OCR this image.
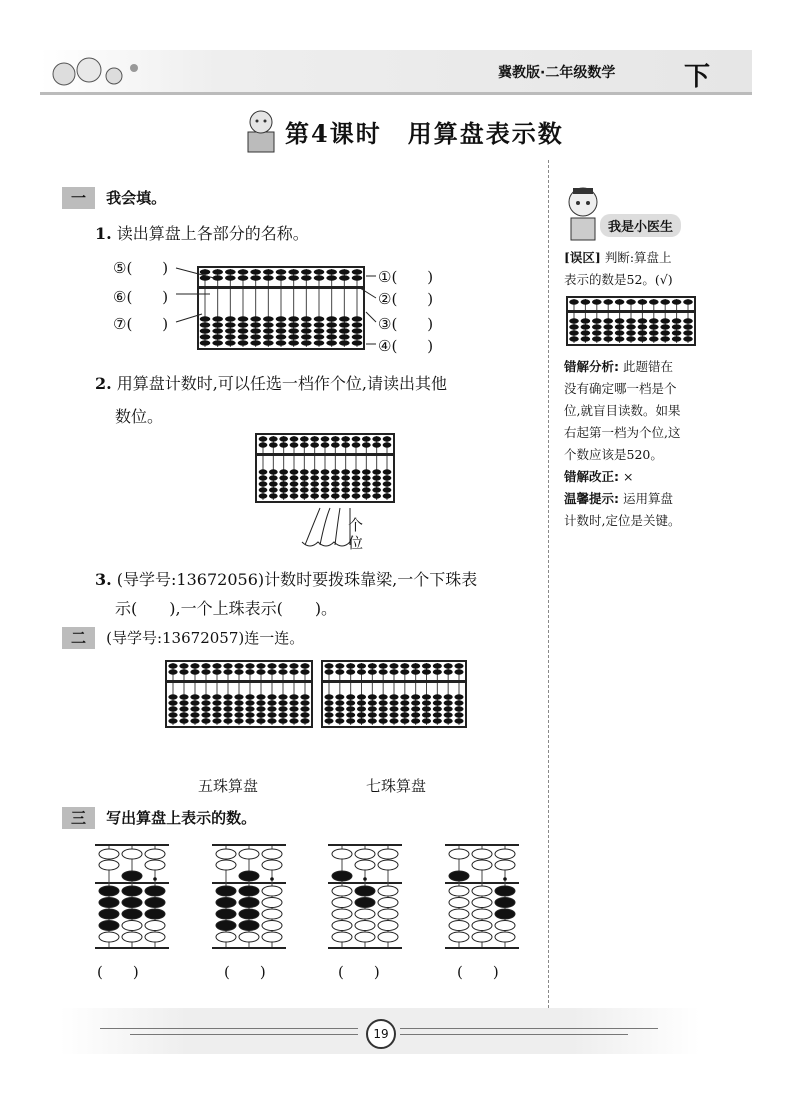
冀教版·二年级数学	下
第4课时　用算盘表示数
一 我会填。
1. 读出算盘上各部分的名称。
⑤(　　)
⑥(　　)
⑦(　　)
①(　　)
②(　　)
③(　　)
④(　　)
2. 用算盘计数时,可以任选一档作个位,请读出其他
数位。
个
位
3. (导学号:13672056)计数时要拨珠靠梁,一个下珠表
示(　　),一个上珠表示(　　)。
二 (导学号:13672057)连一连。
五珠算盘	七珠算盘
三 写出算盘上表示的数。
(　　)	(　　)	(　　)	(　　)
我是小医生
[误区] 判断:算盘上
表示的数是52。(√)
错解分析: 此题错在
没有确定哪一档是个
位,就盲目读数。如果
右起第一档为个位,这
个数应该是520。
错解改正: ×
温馨提示: 运用算盘
计数时,定位是关键。
19
